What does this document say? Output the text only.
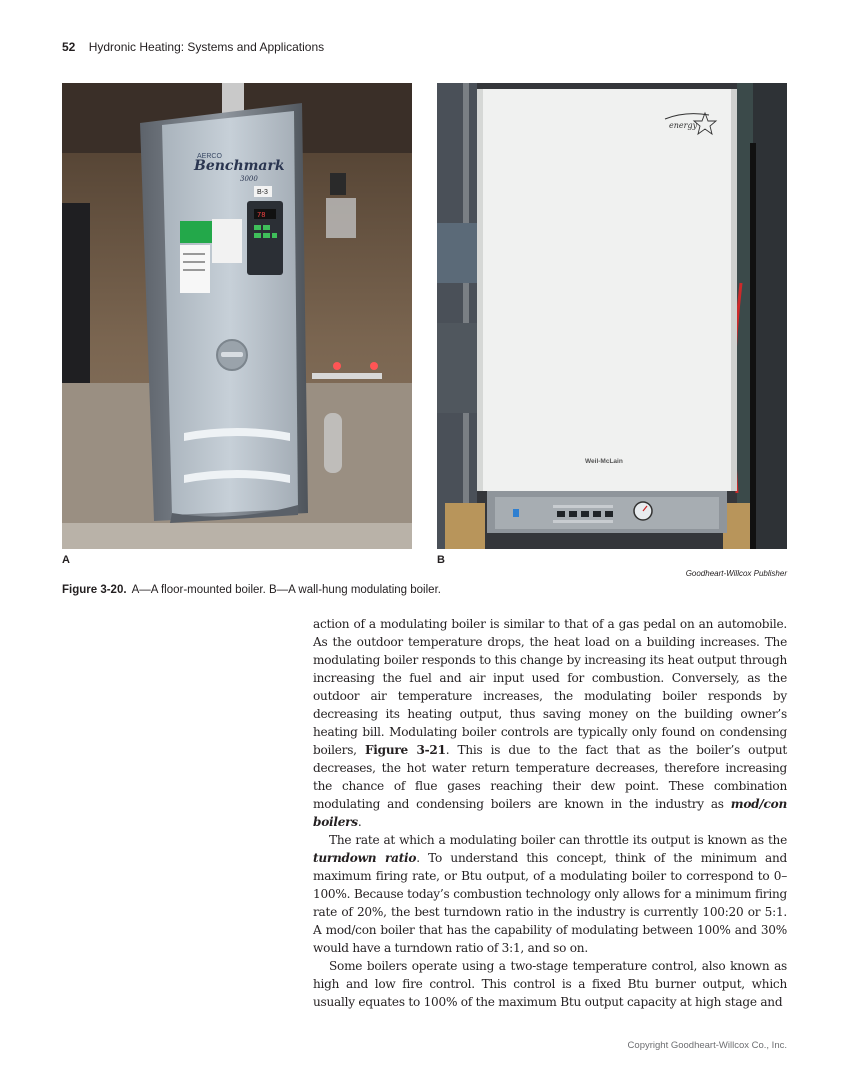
52 Hydronic Heating: Systems and Applications
AERCO
Benchmark
3000
B-3
78
energy
Weil-McLain
A	B
Goodheart-Willcox Publisher
Figure 3-20. A—A floor-mounted boiler. B—A wall-hung modulating boiler.

action of a modulating boiler is similar to that of a gas pedal on an automobile. As the outdoor temperature drops, the heat load on a building increases. The modulating boiler responds to this change by increasing its heat output through increasing the fuel and air input used for combustion. Conversely, as the outdoor air temperature increases, the modulating boiler responds by decreasing its heating output, thus saving money on the building owner’s heating bill. Modulating boiler controls are typically only found on condensing boilers, Figure 3-21. This is due to the fact that as the boiler’s output decreases, the hot water return temperature decreases, therefore increasing the chance of flue gases reaching their dew point. These combination modulating and condensing boilers are known in the industry as mod/con boilers.

The rate at which a modulating boiler can throttle its output is known as the turndown ratio. To understand this concept, think of the minimum and maximum firing rate, or Btu output, of a modulating boiler to correspond to 0–100%. Because today’s combustion technology only allows for a minimum firing rate of 20%, the best turndown ratio in the industry is currently 100:20 or 5:1. A mod/con boiler that has the capability of modulating between 100% and 30% would have a turndown ratio of 3:1, and so on.

Some boilers operate using a two-stage temperature control, also known as high and low fire control. This control is a fixed Btu burner output, which usually equates to 100% of the maximum Btu output capacity at high stage and

Copyright Goodheart-Willcox Co., Inc.
